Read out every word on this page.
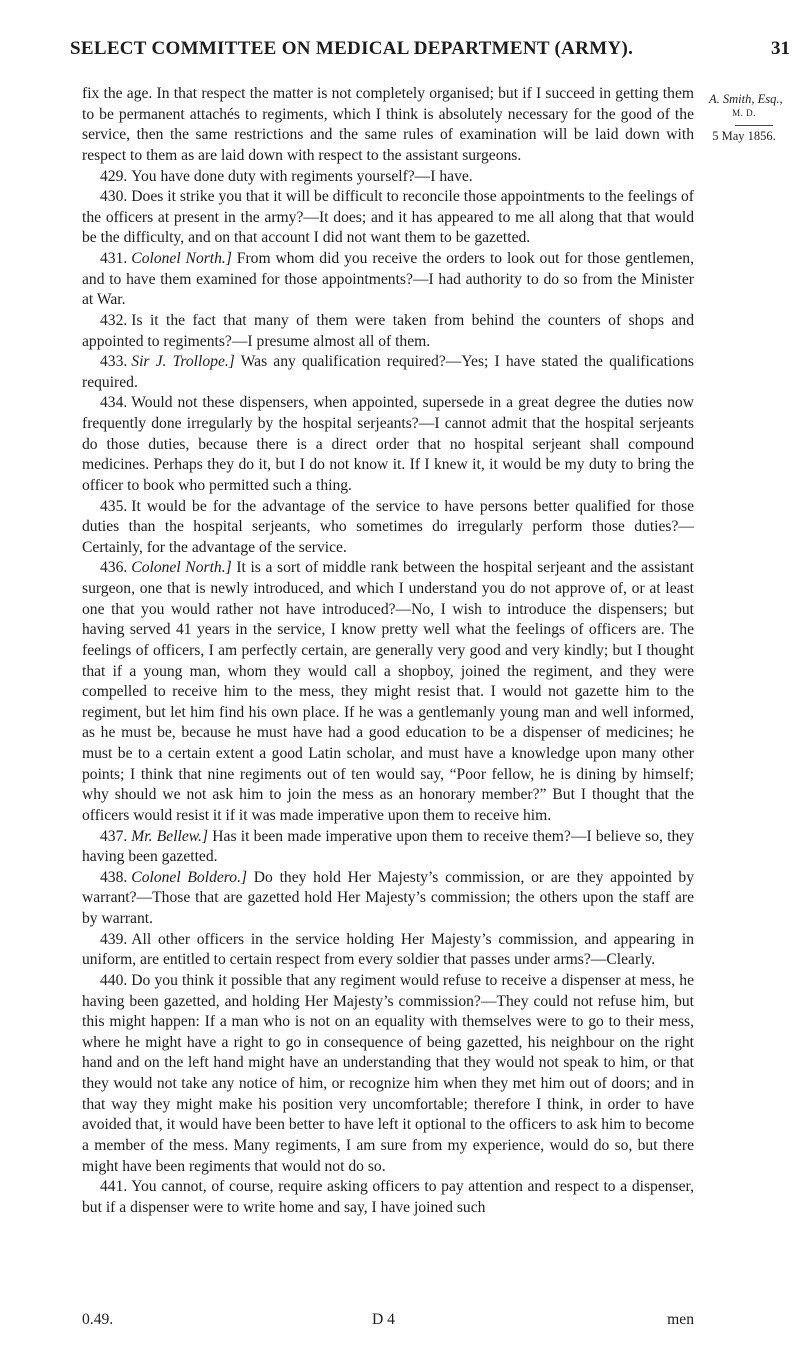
SELECT COMMITTEE ON MEDICAL DEPARTMENT (ARMY).	31
A. Smith, Esq.,
M. D.
5 May 1856.

fix the age. In that respect the matter is not completely organised; but if I succeed in getting them to be permanent attachés to regiments, which I think is absolutely necessary for the good of the service, then the same restrictions and the same rules of examination will be laid down with respect to them as are laid down with respect to the assistant surgeons.

429. You have done duty with regiments yourself?—I have.

430. Does it strike you that it will be difficult to reconcile those appointments to the feelings of the officers at present in the army?—It does; and it has appeared to me all along that that would be the difficulty, and on that account I did not want them to be gazetted.

431. Colonel North.] From whom did you receive the orders to look out for those gentlemen, and to have them examined for those appointments?—I had authority to do so from the Minister at War.

432. Is it the fact that many of them were taken from behind the counters of shops and appointed to regiments?—I presume almost all of them.

433. Sir J. Trollope.] Was any qualification required?—Yes; I have stated the qualifications required.

434. Would not these dispensers, when appointed, supersede in a great degree the duties now frequently done irregularly by the hospital serjeants?—I cannot admit that the hospital serjeants do those duties, because there is a direct order that no hospital serjeant shall compound medicines. Perhaps they do it, but I do not know it. If I knew it, it would be my duty to bring the officer to book who permitted such a thing.

435. It would be for the advantage of the service to have persons better qualified for those duties than the hospital serjeants, who sometimes do irregularly perform those duties?—Certainly, for the advantage of the service.

436. Colonel North.] It is a sort of middle rank between the hospital serjeant and the assistant surgeon, one that is newly introduced, and which I understand you do not approve of, or at least one that you would rather not have introduced?—No, I wish to introduce the dispensers; but having served 41 years in the service, I know pretty well what the feelings of officers are. The feelings of officers, I am perfectly certain, are generally very good and very kindly; but I thought that if a young man, whom they would call a shopboy, joined the regiment, and they were compelled to receive him to the mess, they might resist that. I would not gazette him to the regiment, but let him find his own place. If he was a gentlemanly young man and well informed, as he must be, because he must have had a good education to be a dispenser of medicines; he must be to a certain extent a good Latin scholar, and must have a knowledge upon many other points; I think that nine regiments out of ten would say, “Poor fellow, he is dining by himself; why should we not ask him to join the mess as an honorary member?” But I thought that the officers would resist it if it was made imperative upon them to receive him.

437. Mr. Bellew.] Has it been made imperative upon them to receive them?—I believe so, they having been gazetted.

438. Colonel Boldero.] Do they hold Her Majesty’s commission, or are they appointed by warrant?—Those that are gazetted hold Her Majesty’s commission; the others upon the staff are by warrant.

439. All other officers in the service holding Her Majesty’s commission, and appearing in uniform, are entitled to certain respect from every soldier that passes under arms?—Clearly.

440. Do you think it possible that any regiment would refuse to receive a dispenser at mess, he having been gazetted, and holding Her Majesty’s commission?—They could not refuse him, but this might happen: If a man who is not on an equality with themselves were to go to their mess, where he might have a right to go in consequence of being gazetted, his neighbour on the right hand and on the left hand might have an understanding that they would not speak to him, or that they would not take any notice of him, or recognize him when they met him out of doors; and in that way they might make his position very uncomfortable; therefore I think, in order to have avoided that, it would have been better to have left it optional to the officers to ask him to become a member of the mess. Many regiments, I am sure from my experience, would do so, but there might have been regiments that would not do so.

441. You cannot, of course, require asking officers to pay attention and respect to a dispenser, but if a dispenser were to write home and say, I have joined such

0.49.	D 4	men
